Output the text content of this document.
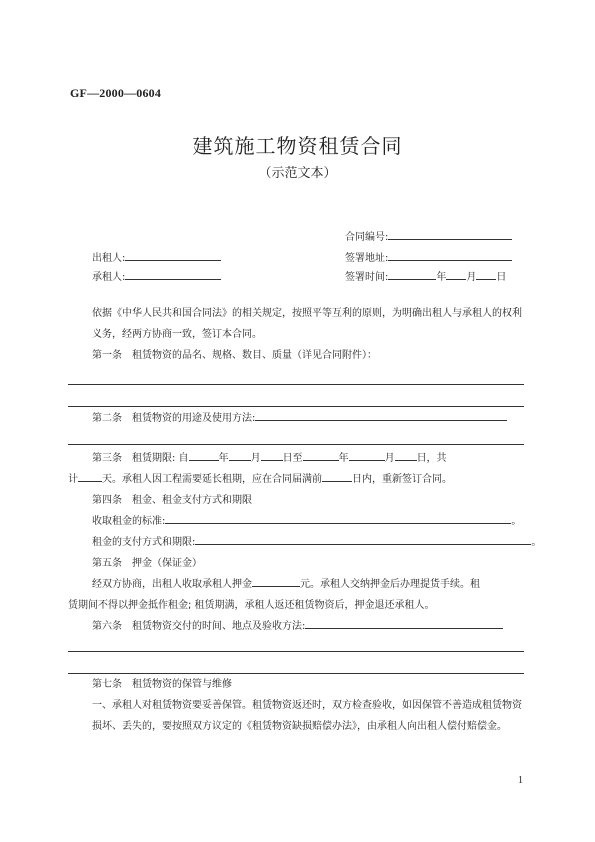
GF—2000—0604
建筑施工物资租赁合同
（示范文本）
合同编号:
出租人:	签署地址:
承租人:	签署时间:	年 月 日
依据《中华人民共和国合同法》的相关规定，按照平等互利的原则，为明确出租人与承租人的权利义务，经两方协商一致，签订本合同。
第一条　租赁物资的品名、规格、数目、质量（详见合同附件）：
第二条　租赁物资的用途及使用方法:
第三条　租赁期限: 自	年 月 日至	年	月 日，共
计 天。承租人因工程需要延长租期，应在合同届满前	日内，重新签订合同。
第四条　租金、租金支付方式和期限
收取租金的标准:	。
租金的支付方式和期限:	。
第五条　押金（保证金）
经双方协商，出租人收取承租人押金	元。承租人交纳押金后办理提货手续。租
赁期间不得以押金抵作租金; 租赁期满，承租人返还租赁物资后，押金退还承租人。
第六条　租赁物资交付的时间、地点及验收方法:
第七条　租赁物资的保管与维修
一、承租人对租赁物资要妥善保管。租赁物资返还时，双方检查验收，如因保管不善造成租赁物资损坏、丢失的，要按照双方议定的《租赁物资缺损赔偿办法》，由承租人向出租人偿付赔偿金。
1
